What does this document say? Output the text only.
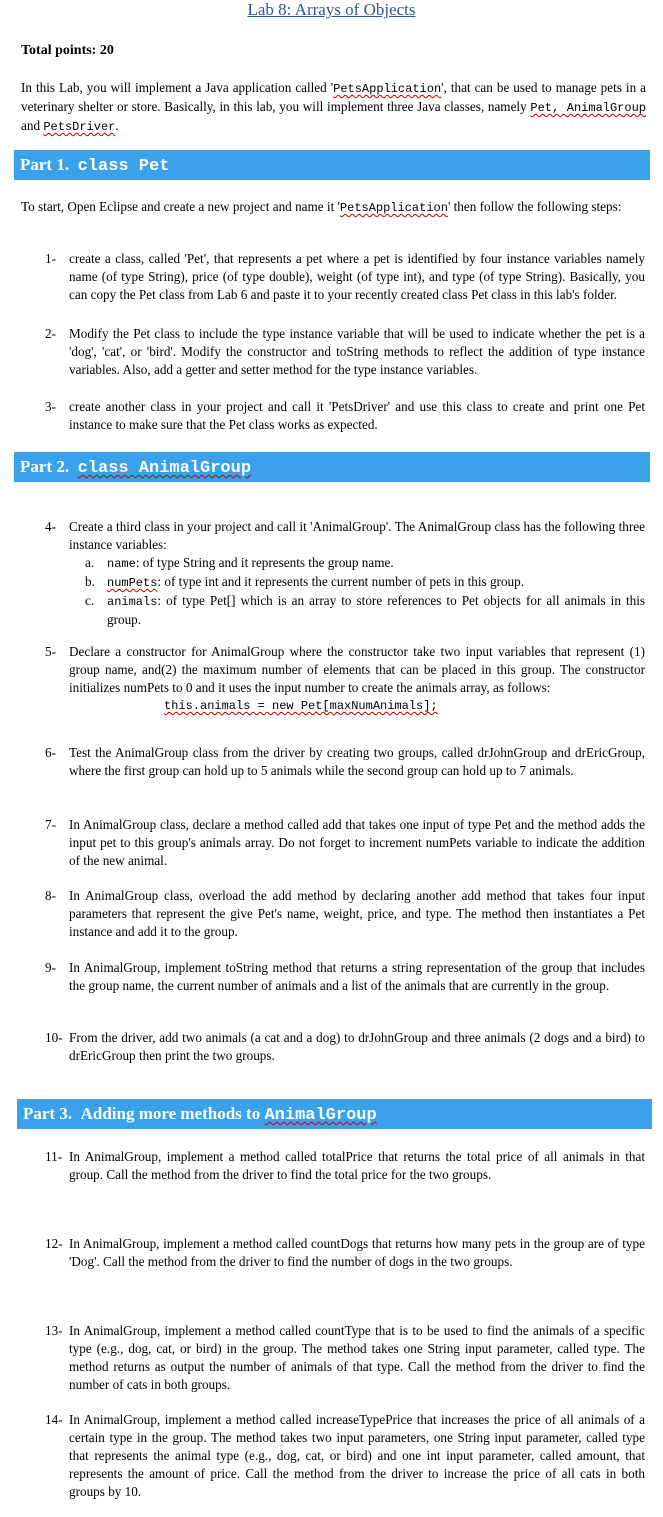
Lab 8: Arrays of Objects
Total points: 20
In this Lab, you will implement a Java application called 'PetsApplication', that can be used to manage pets in a veterinary shelter or store. Basically, in this lab, you will implement three Java classes, namely Pet, AnimalGroup and PetsDriver.
Part 1. class Pet
To start, Open Eclipse and create a new project and name it 'PetsApplication' then follow the following steps:
1- create a class, called 'Pet', that represents a pet where a pet is identified by four instance variables namely name (of type String), price (of type double), weight (of type int), and type (of type String). Basically, you can copy the Pet class from Lab 6 and paste it to your recently created class Pet class in this lab's folder.
2- Modify the Pet class to include the type instance variable that will be used to indicate whether the pet is a 'dog', 'cat', or 'bird'. Modify the constructor and toString methods to reflect the addition of type instance variables. Also, add a getter and setter method for the type instance variables.
3- create another class in your project and call it 'PetsDriver' and use this class to create and print one Pet instance to make sure that the Pet class works as expected.
Part 2. class AnimalGroup
4- Create a third class in your project and call it 'AnimalGroup'. The AnimalGroup class has the following three instance variables:
a. name: of type String and it represents the group name.
b. numPets: of type int and it represents the current number of pets in this group.
c. animals: of type Pet[] which is an array to store references to Pet objects for all animals in this group.
5- Declare a constructor for AnimalGroup where the constructor take two input variables that represent (1) group name, and(2) the maximum number of elements that can be placed in this group. The constructor initializes numPets to 0 and it uses the input number to create the animals array, as follows:
this.animals = new Pet[maxNumAnimals];
6- Test the AnimalGroup class from the driver by creating two groups, called drJohnGroup and drEricGroup, where the first group can hold up to 5 animals while the second group can hold up to 7 animals.
7- In AnimalGroup class, declare a method called add that takes one input of type Pet and the method adds the input pet to this group's animals array. Do not forget to increment numPets variable to indicate the addition of the new animal.
8- In AnimalGroup class, overload the add method by declaring another add method that takes four input parameters that represent the give Pet's name, weight, price, and type. The method then instantiates a Pet instance and add it to the group.
9- In AnimalGroup, implement toString method that returns a string representation of the group that includes the group name, the current number of animals and a list of the animals that are currently in the group.
10- From the driver, add two animals (a cat and a dog) to drJohnGroup and three animals (2 dogs and a bird) to drEricGroup then print the two groups.
Part 3. Adding more methods to AnimalGroup
11- In AnimalGroup, implement a method called totalPrice that returns the total price of all animals in that group. Call the method from the driver to find the total price for the two groups.
12- In AnimalGroup, implement a method called countDogs that returns how many pets in the group are of type 'Dog'. Call the method from the driver to find the number of dogs in the two groups.
13- In AnimalGroup, implement a method called countType that is to be used to find the animals of a specific type (e.g., dog, cat, or bird) in the group. The method takes one String input parameter, called type. The method returns as output the number of animals of that type. Call the method from the driver to find the number of cats in both groups.
14- In AnimalGroup, implement a method called increaseTypePrice that increases the price of all animals of a certain type in the group. The method takes two input parameters, one String input parameter, called type that represents the animal type (e.g., dog, cat, or bird) and one int input parameter, called amount, that represents the amount of price. Call the method from the driver to increase the price of all cats in both groups by 10.
